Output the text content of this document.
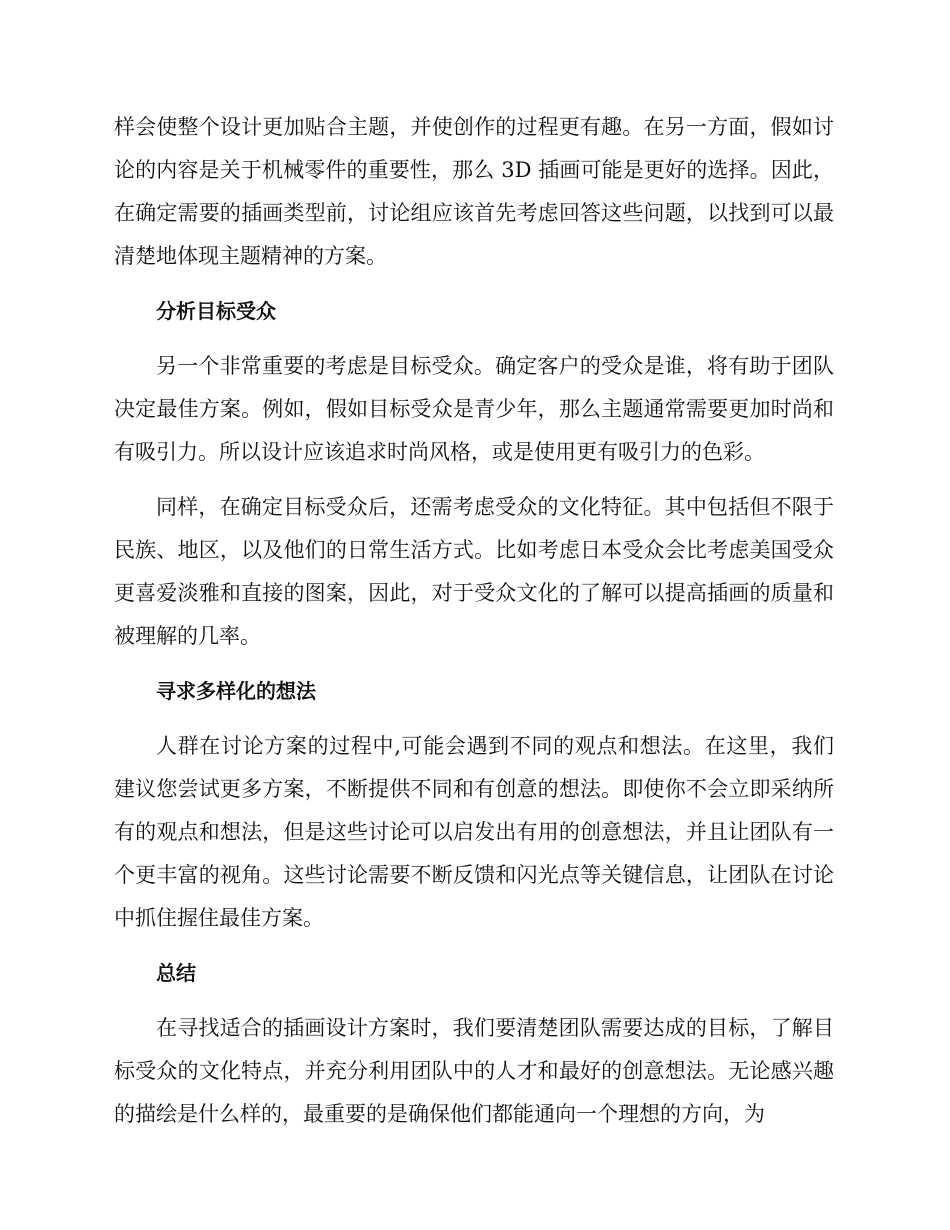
样会使整个设计更加贴合主题，并使创作的过程更有趣。在另一方面，假如讨论的内容是关于机械零件的重要性，那么 3D 插画可能是更好的选择。因此，在确定需要的插画类型前，讨论组应该首先考虑回答这些问题，以找到可以最清楚地体现主题精神的方案。

分析目标受众

另一个非常重要的考虑是目标受众。确定客户的受众是谁，将有助于团队决定最佳方案。例如，假如目标受众是青少年，那么主题通常需要更加时尚和有吸引力。所以设计应该追求时尚风格，或是使用更有吸引力的色彩。

同样，在确定目标受众后，还需考虑受众的文化特征。其中包括但不限于民族、地区，以及他们的日常生活方式。比如考虑日本受众会比考虑美国受众更喜爱淡雅和直接的图案，因此，对于受众文化的了解可以提高插画的质量和被理解的几率。

寻求多样化的想法

人群在讨论方案的过程中,可能会遇到不同的观点和想法。在这里，我们建议您尝试更多方案，不断提供不同和有创意的想法。即使你不会立即采纳所有的观点和想法，但是这些讨论可以启发出有用的创意想法，并且让团队有一个更丰富的视角。这些讨论需要不断反馈和闪光点等关键信息，让团队在讨论中抓住握住最佳方案。

总结

在寻找适合的插画设计方案时，我们要清楚团队需要达成的目标，了解目标受众的文化特点，并充分利用团队中的人才和最好的创意想法。无论感兴趣的描绘是什么样的，最重要的是确保他们都能通向一个理想的方向，为
